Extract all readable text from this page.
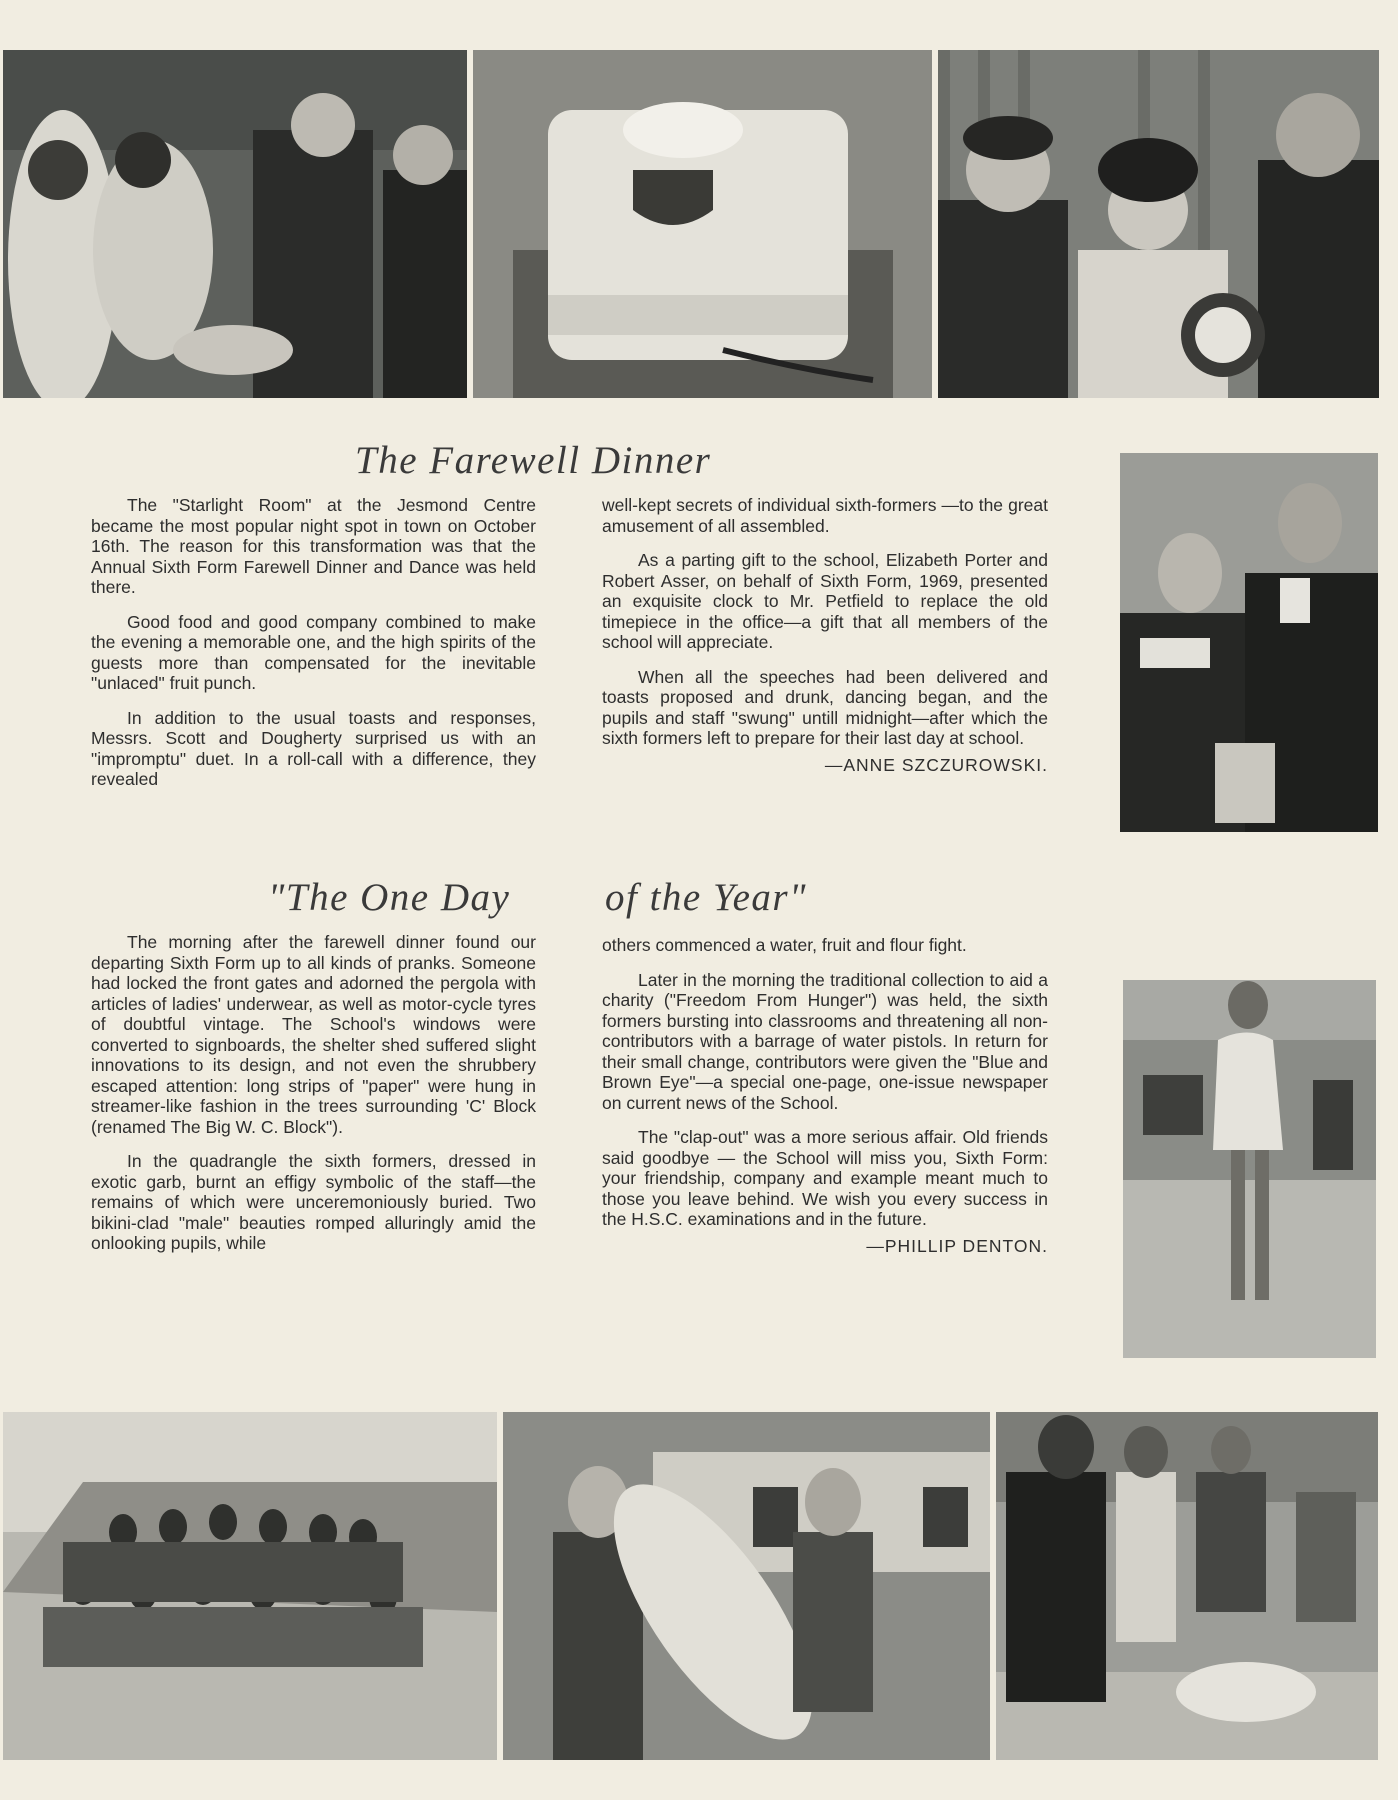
The Farewell Dinner

The "Starlight Room" at the Jesmond Centre became the most popular night spot in town on October 16th. The reason for this transformation was that the Annual Sixth Form Farewell Dinner and Dance was held there.

Good food and good company combined to make the evening a memorable one, and the high spirits of the guests more than compensated for the inevitable "unlaced" fruit punch.

In addition to the usual toasts and responses, Messrs. Scott and Dougherty surprised us with an "impromptu" duet. In a roll-call with a difference, they revealed

well-kept secrets of individual sixth-formers —to the great amusement of all assembled.

As a parting gift to the school, Elizabeth Porter and Robert Asser, on behalf of Sixth Form, 1969, presented an exquisite clock to Mr. Petfield to replace the old timepiece in the office—a gift that all members of the school will appreciate.

When all the speeches had been delivered and toasts proposed and drunk, dancing began, and the pupils and staff "swung" untill midnight—after which the sixth formers left to prepare for their last day at school.

—ANNE SZCZUROWSKI.

"The One Day of the Year"

The morning after the farewell dinner found our departing Sixth Form up to all kinds of pranks. Someone had locked the front gates and adorned the pergola with articles of ladies' underwear, as well as motor-cycle tyres of doubtful vintage. The School's windows were converted to signboards, the shelter shed suffered slight innovations to its design, and not even the shrubbery escaped attention: long strips of "paper" were hung in streamer-like fashion in the trees surrounding 'C' Block (renamed The Big W. C. Block").

In the quadrangle the sixth formers, dressed in exotic garb, burnt an effigy symbolic of the staff—the remains of which were unceremoniously buried. Two bikini-clad "male" beauties romped alluringly amid the onlooking pupils, while

others commenced a water, fruit and flour fight.

Later in the morning the traditional collection to aid a charity ("Freedom From Hunger") was held, the sixth formers bursting into classrooms and threatening all non-contributors with a barrage of water pistols. In return for their small change, contributors were given the "Blue and Brown Eye"—a special one-page, one-issue newspaper on current news of the School.

The "clap-out" was a more serious affair. Old friends said goodbye — the School will miss you, Sixth Form: your friendship, company and example meant much to those you leave behind. We wish you every success in the H.S.C. examinations and in the future.

—PHILLIP DENTON.
